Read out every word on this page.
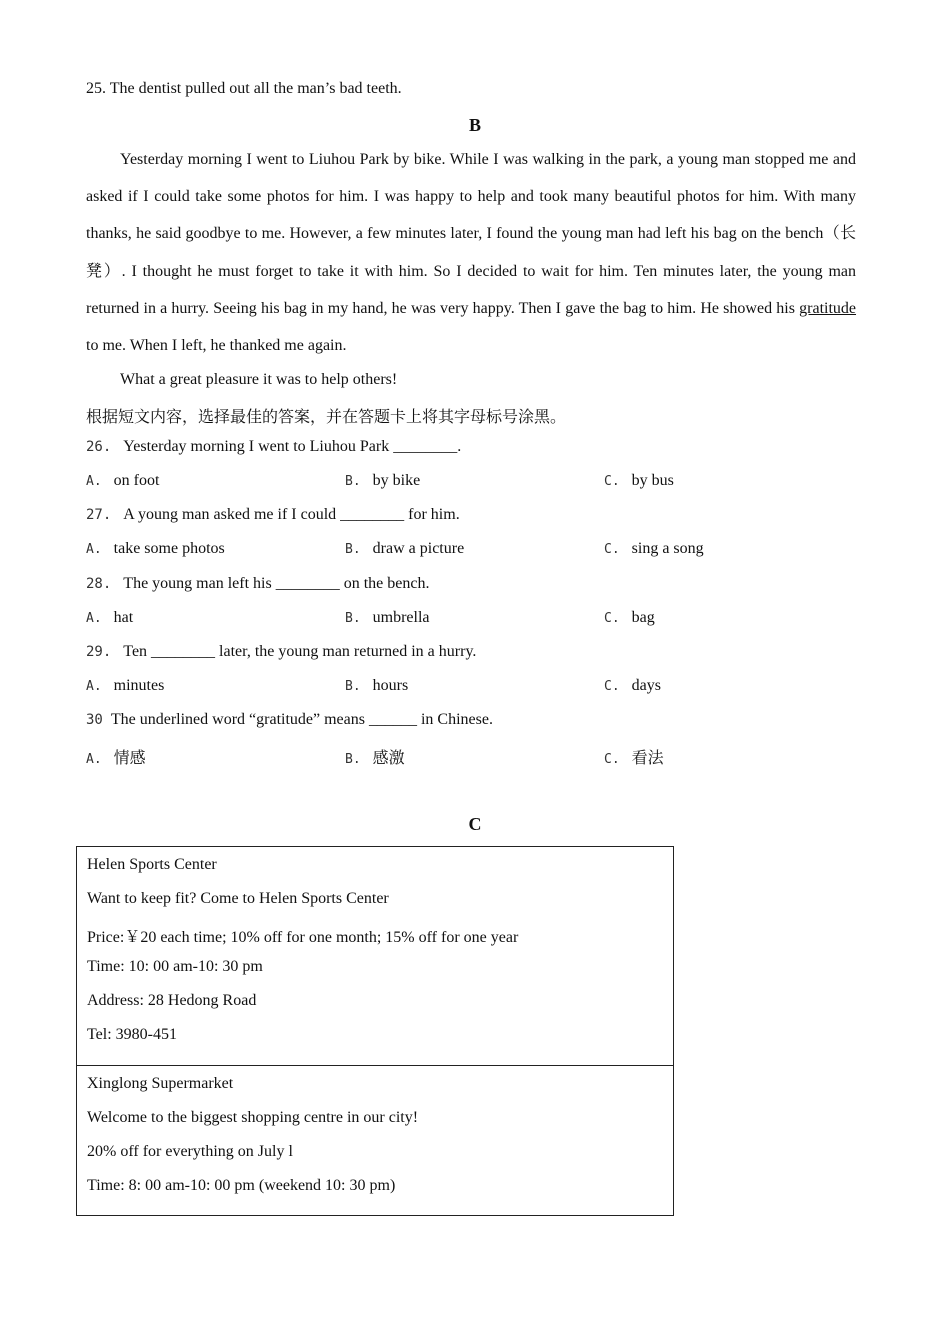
25. The dentist pulled out all the man’s bad teeth.
B

Yesterday morning I went to Liuhou Park by bike. While I was walking in the park, a young man stopped me and asked if I could take some photos for him. I was happy to help and took many beautiful photos for him. With many thanks, he said goodbye to me. However, a few minutes later, I found the young man had left his bag on the bench（长凳）. I thought he must forget to take it with him. So I decided to wait for him. Ten minutes later, the young man returned in a hurry. Seeing his bag in my hand, he was very happy. Then I gave the bag to him. He showed his gratitude to me. When I left, he thanked me again.

What a great pleasure it was to help others!
根据短文内容，选择最佳的答案，并在答题卡上将其字母标号涂黑。
26. Yesterday morning I went to Liuhou Park ________.
A. on foot	B. by bike	C. by bus
27. A young man asked me if I could ________ for him.
A. take some photos	B. draw a picture	C. sing a song
28. The young man left his ________ on the bench.
A. hat	B. umbrella	C. bag
29. Ten ________ later, the young man returned in a hurry.
A. minutes	B. hours	C. days
30 The underlined word “gratitude” means ______ in Chinese.
A. 情感	B. 感激	C. 看法
C
Helen Sports Center
Want to keep fit? Come to Helen Sports Center
Price:￥20 each time; 10% off for one month; 15% off for one year
Time: 10: 00 am-10: 30 pm
Address: 28 Hedong Road
Tel: 3980-451
Xinglong Supermarket
Welcome to the biggest shopping centre in our city!
20% off for everything on July l
Time: 8: 00 am-10: 00 pm (weekend 10: 30 pm)
